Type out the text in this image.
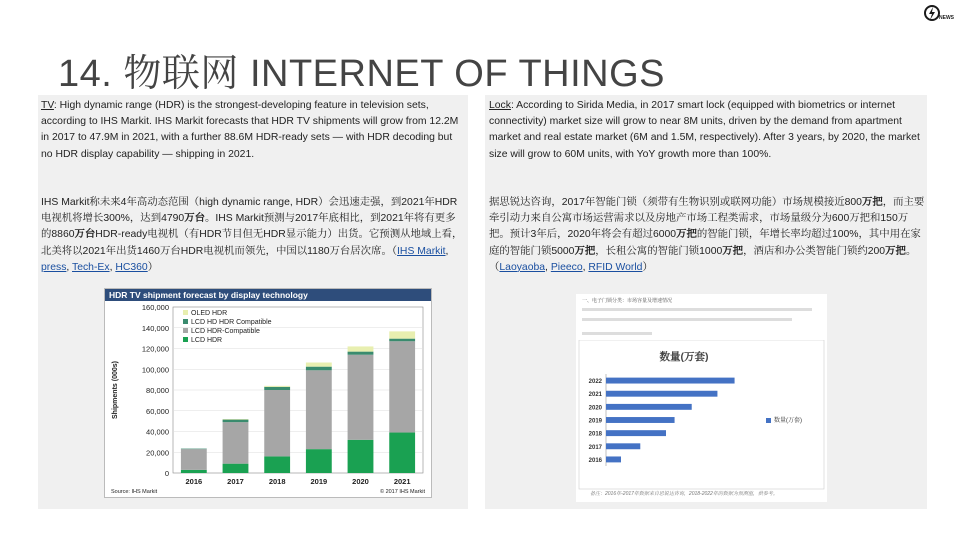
NEWS
14. 物联网 INTERNET OF THINGS
TV: High dynamic range (HDR) is the strongest-developing feature in television sets, according to IHS Markit. IHS Markit forecasts that HDR TV shipments will grow from 12.2M in 2017 to 47.9M in 2021, with a further 88.6M HDR-ready sets — with HDR decoding but no HDR display capability — shipping in 2021.
IHS Markit称未来4年高动态范围（high dynamic range, HDR）会迅速走强，到2021年HDR电视机将增长300%，达到4790万台。IHS Markit预测与2017年底相比，到2021年将有更多的8860万台HDR-ready电视机（有HDR节目但无HDR显示能力）出货。它预测从地域上看，北美将以2021年出货1460万台HDR电视机而领先，中国以1180万台居次席。（IHS Markit, press, Tech-Ex, HC360）
HDR TV shipment forecast by display technology
0
20,000
40,000
60,000
80,000
100,000
120,000
140,000
160,000
Shipments (000s)
2016	2017	2018	2019	2020	2021
OLED HDR
LCD HD HDR Compatible
LCD HDR-Compatible
LCD HDR
Source: IHS Markit	© 2017 IHS Markit
Lock: According to Sirida Media, in 2017 smart lock (equipped with biometrics or internet connectivity) market size will grow to near 8M units, driven by the demand from apartment market and real estate market (6M and 1.5M, respectively). After 3 years, by 2020, the market size will grow to 60M units, with YoY growth more than 100%.
据思锐达咨询，2017年智能门锁（须带有生物识别或联网功能）市场规模接近800万把，而主要牵引动力来自公寓市场运营需求以及房地产市场工程类需求，市场量级分为600万把和150万把。预计3年后，2020年将会有超过6000万把的智能门锁，年增长率均超过100%，其中用在家庭的智能门锁5000万把，长租公寓的智能门锁1000万把，酒店和办公类智能门锁约200万把。（Laoyaoba, Pieeco, RFID World）
一、电子门锁分类：市场容量及增速情况
数量(万套)
2022
2021
2020
2019
2018
2017
2016
数量(万套)
备注：2016年-2017年数据来自思锐达咨询，2018-2022年的数据为预测值，供参考。
